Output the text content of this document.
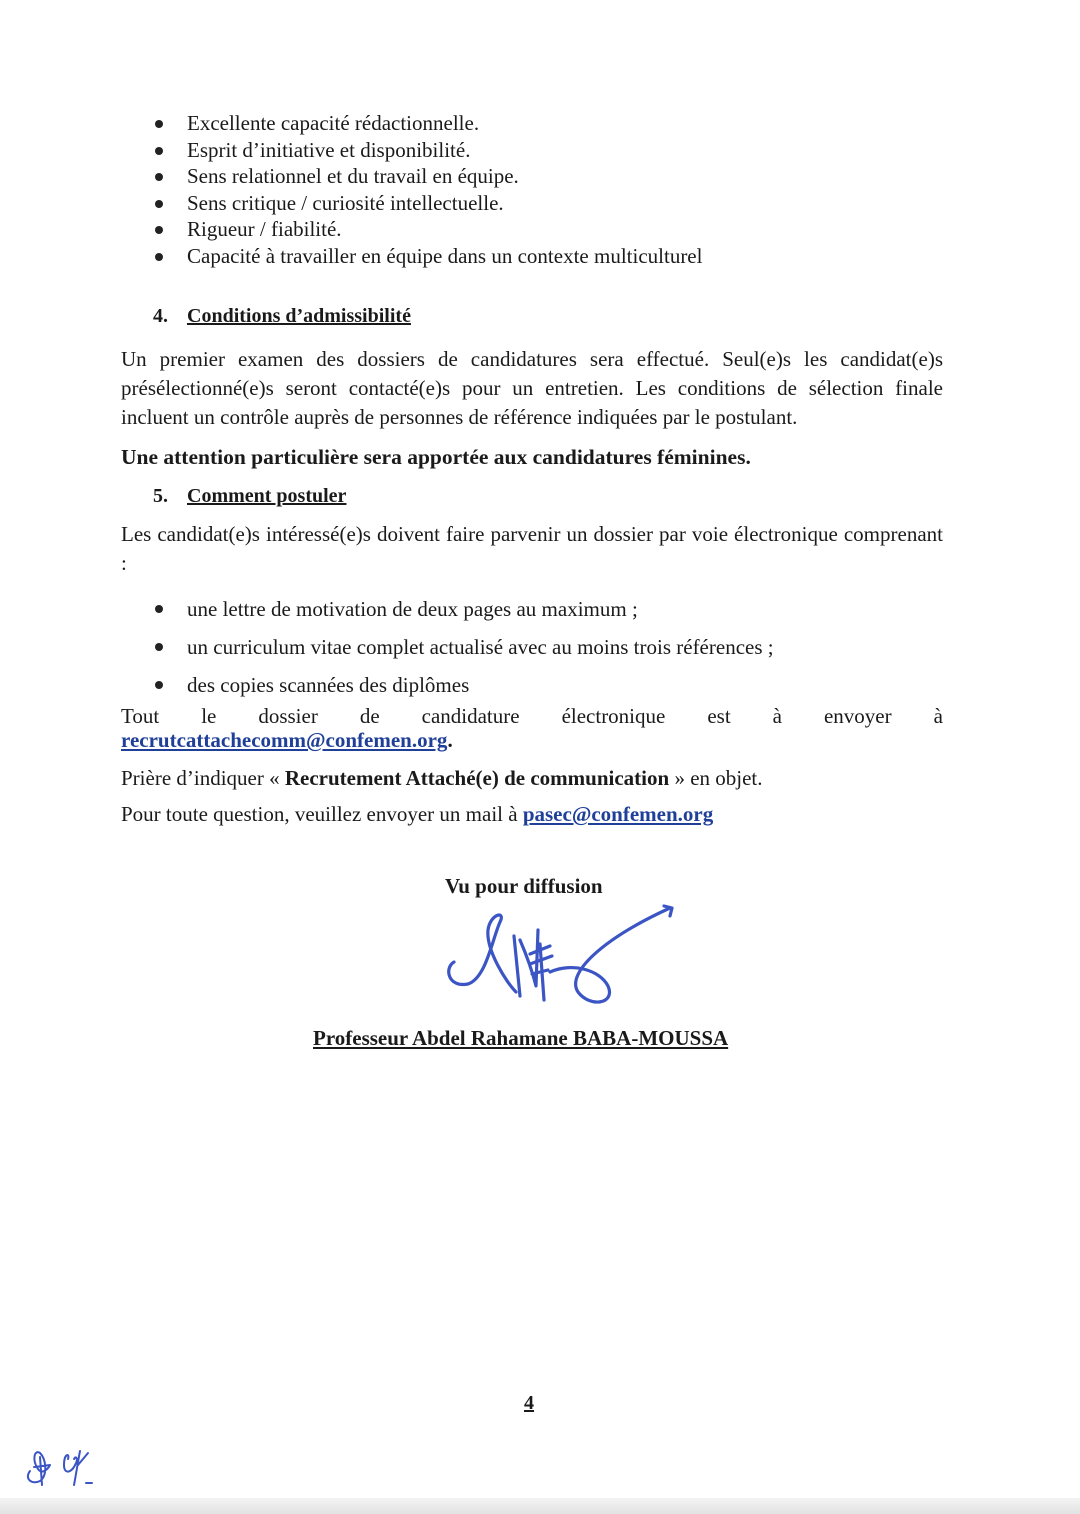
Excellente capacité rédactionnelle.
Esprit d’initiative et disponibilité.
Sens relationnel et du travail en équipe.
Sens critique / curiosité intellectuelle.
Rigueur / fiabilité.
Capacité à travailler en équipe dans un contexte multiculturel
4. Conditions d’admissibilité

Un premier examen des dossiers de candidatures sera effectué. Seul(e)s les candidat(e)s présélectionné(e)s seront contacté(e)s pour un entretien. Les conditions de sélection finale incluent un contrôle auprès de personnes de référence indiquées par le postulant.

Une attention particulière sera apportée aux candidatures féminines.

5. Comment postuler

Les candidat(e)s intéressé(e)s doivent faire parvenir un dossier par voie électronique comprenant :

une lettre de motivation de deux pages au maximum ;
un curriculum vitae complet actualisé avec au moins trois références ;
des copies scannées des diplômes
Tout le dossier de candidature électronique est à envoyer à

recrutcattachecomm@confemen.org.

Prière d’indiquer « Recrutement Attaché(e) de communication » en objet.

Pour toute question, veuillez envoyer un mail à pasec@confemen.org

Vu pour diffusion
Professeur Abdel Rahamane BABA-MOUSSA
4
